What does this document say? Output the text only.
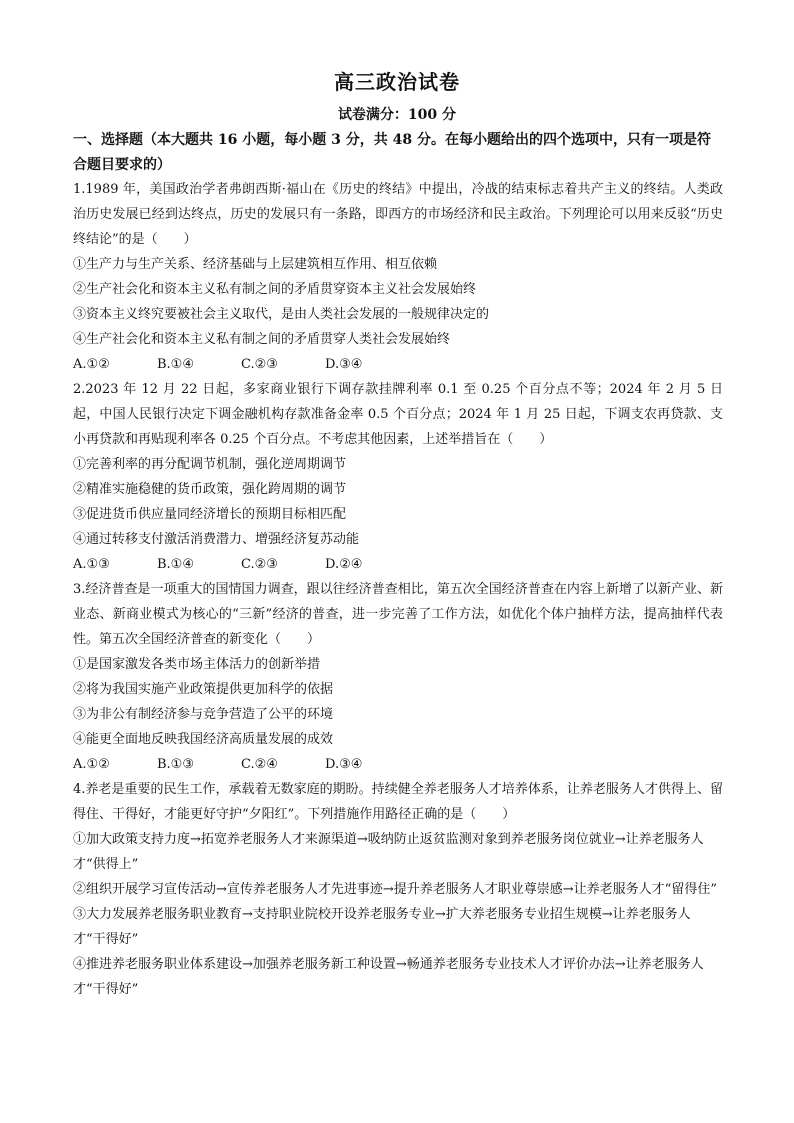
高三政治试卷
试卷满分：100 分
一、选择题（本大题共 16 小题，每小题 3 分，共 48 分。在每小题给出的四个选项中，只有一项是符合题目要求的）
1.1989 年，美国政治学者弗朗西斯·福山在《历史的终结》中提出，冷战的结束标志着共产主义的终结。人类政治历史发展已经到达终点，历史的发展只有一条路，即西方的市场经济和民主政治。下列理论可以用来反驳“历史终结论”的是（　　）
①生产力与生产关系、经济基础与上层建筑相互作用、相互依赖
②生产社会化和资本主义私有制之间的矛盾贯穿资本主义社会发展始终
③资本主义终究要被社会主义取代，是由人类社会发展的一般规律决定的
④生产社会化和资本主义私有制之间的矛盾贯穿人类社会发展始终
A.①②	B.①④	C.②③	D.③④
2.2023 年 12 月 22 日起，多家商业银行下调存款挂牌利率 0.1 至 0.25 个百分点不等；2024 年 2 月 5 日起，中国人民银行决定下调金融机构存款准备金率 0.5 个百分点；2024 年 1 月 25 日起，下调支农再贷款、支小再贷款和再贴现利率各 0.25 个百分点。不考虑其他因素，上述举措旨在（　　）
①完善利率的再分配调节机制，强化逆周期调节
②精准实施稳健的货币政策，强化跨周期的调节
③促进货币供应量同经济增长的预期目标相匹配
④通过转移支付激活消费潜力、增强经济复苏动能
A.①③	B.①④	C.②③	D.②④
3.经济普查是一项重大的国情国力调查，跟以往经济普查相比，第五次全国经济普查在内容上新增了以新产业、新业态、新商业模式为核心的“三新”经济的普查，进一步完善了工作方法，如优化个体户抽样方法，提高抽样代表性。第五次全国经济普查的新变化（　　）
①是国家激发各类市场主体活力的创新举措
②将为我国实施产业政策提供更加科学的依据
③为非公有制经济参与竞争营造了公平的环境
④能更全面地反映我国经济高质量发展的成效
A.①②	B.①③	C.②④	D.③④
4.养老是重要的民生工作，承载着无数家庭的期盼。持续健全养老服务人才培养体系，让养老服务人才供得上、留得住、干得好，才能更好守护“夕阳红”。下列措施作用路径正确的是（　　）
①加大政策支持力度→拓宽养老服务人才来源渠道→吸纳防止返贫监测对象到养老服务岗位就业→让养老服务人才“供得上”
②组织开展学习宣传活动→宣传养老服务人才先进事迹→提升养老服务人才职业尊崇感→让养老服务人才“留得住”
③大力发展养老服务职业教育→支持职业院校开设养老服务专业→扩大养老服务专业招生规模→让养老服务人才“干得好”
④推进养老服务职业体系建设→加强养老服务新工种设置→畅通养老服务专业技术人才评价办法→让养老服务人才“干得好”
